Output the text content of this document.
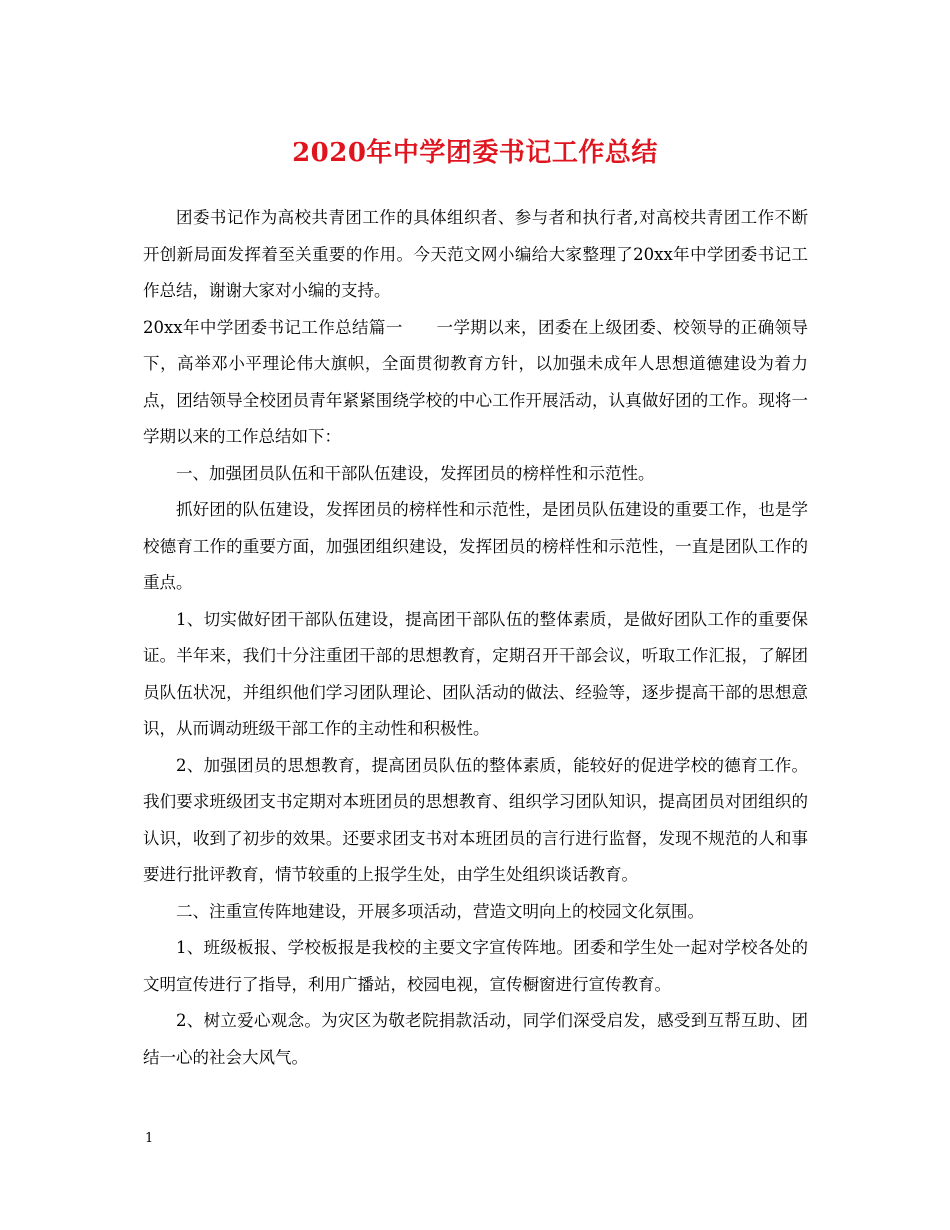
2020年中学团委书记工作总结

团委书记作为高校共青团工作的具体组织者、参与者和执行者,对高校共青团工作不断开创新局面发挥着至关重要的作用。今天范文网小编给大家整理了20xx年中学团委书记工作总结，谢谢大家对小编的支持。

20xx年中学团委书记工作总结篇一　　一学期以来，团委在上级团委、校领导的正确领导下，高举邓小平理论伟大旗帜，全面贯彻教育方针，以加强未成年人思想道德建设为着力点，团结领导全校团员青年紧紧围绕学校的中心工作开展活动，认真做好团的工作。现将一学期以来的工作总结如下：

一、加强团员队伍和干部队伍建设，发挥团员的榜样性和示范性。

抓好团的队伍建设，发挥团员的榜样性和示范性，是团员队伍建设的重要工作，也是学校德育工作的重要方面，加强团组织建设，发挥团员的榜样性和示范性，一直是团队工作的重点。

1、切实做好团干部队伍建设，提高团干部队伍的整体素质，是做好团队工作的重要保证。半年来，我们十分注重团干部的思想教育，定期召开干部会议，听取工作汇报，了解团员队伍状况，并组织他们学习团队理论、团队活动的做法、经验等，逐步提高干部的思想意识，从而调动班级干部工作的主动性和积极性。

2、加强团员的思想教育，提高团员队伍的整体素质，能较好的促进学校的德育工作。我们要求班级团支书定期对本班团员的思想教育、组织学习团队知识，提高团员对团组织的认识，收到了初步的效果。还要求团支书对本班团员的言行进行监督，发现不规范的人和事要进行批评教育，情节较重的上报学生处，由学生处组织谈话教育。

二、注重宣传阵地建设，开展多项活动，营造文明向上的校园文化氛围。

1、班级板报、学校板报是我校的主要文字宣传阵地。团委和学生处一起对学校各处的文明宣传进行了指导，利用广播站，校园电视，宣传橱窗进行宣传教育。

2、树立爱心观念。为灾区为敬老院捐款活动，同学们深受启发，感受到互帮互助、团结一心的社会大风气。

1
